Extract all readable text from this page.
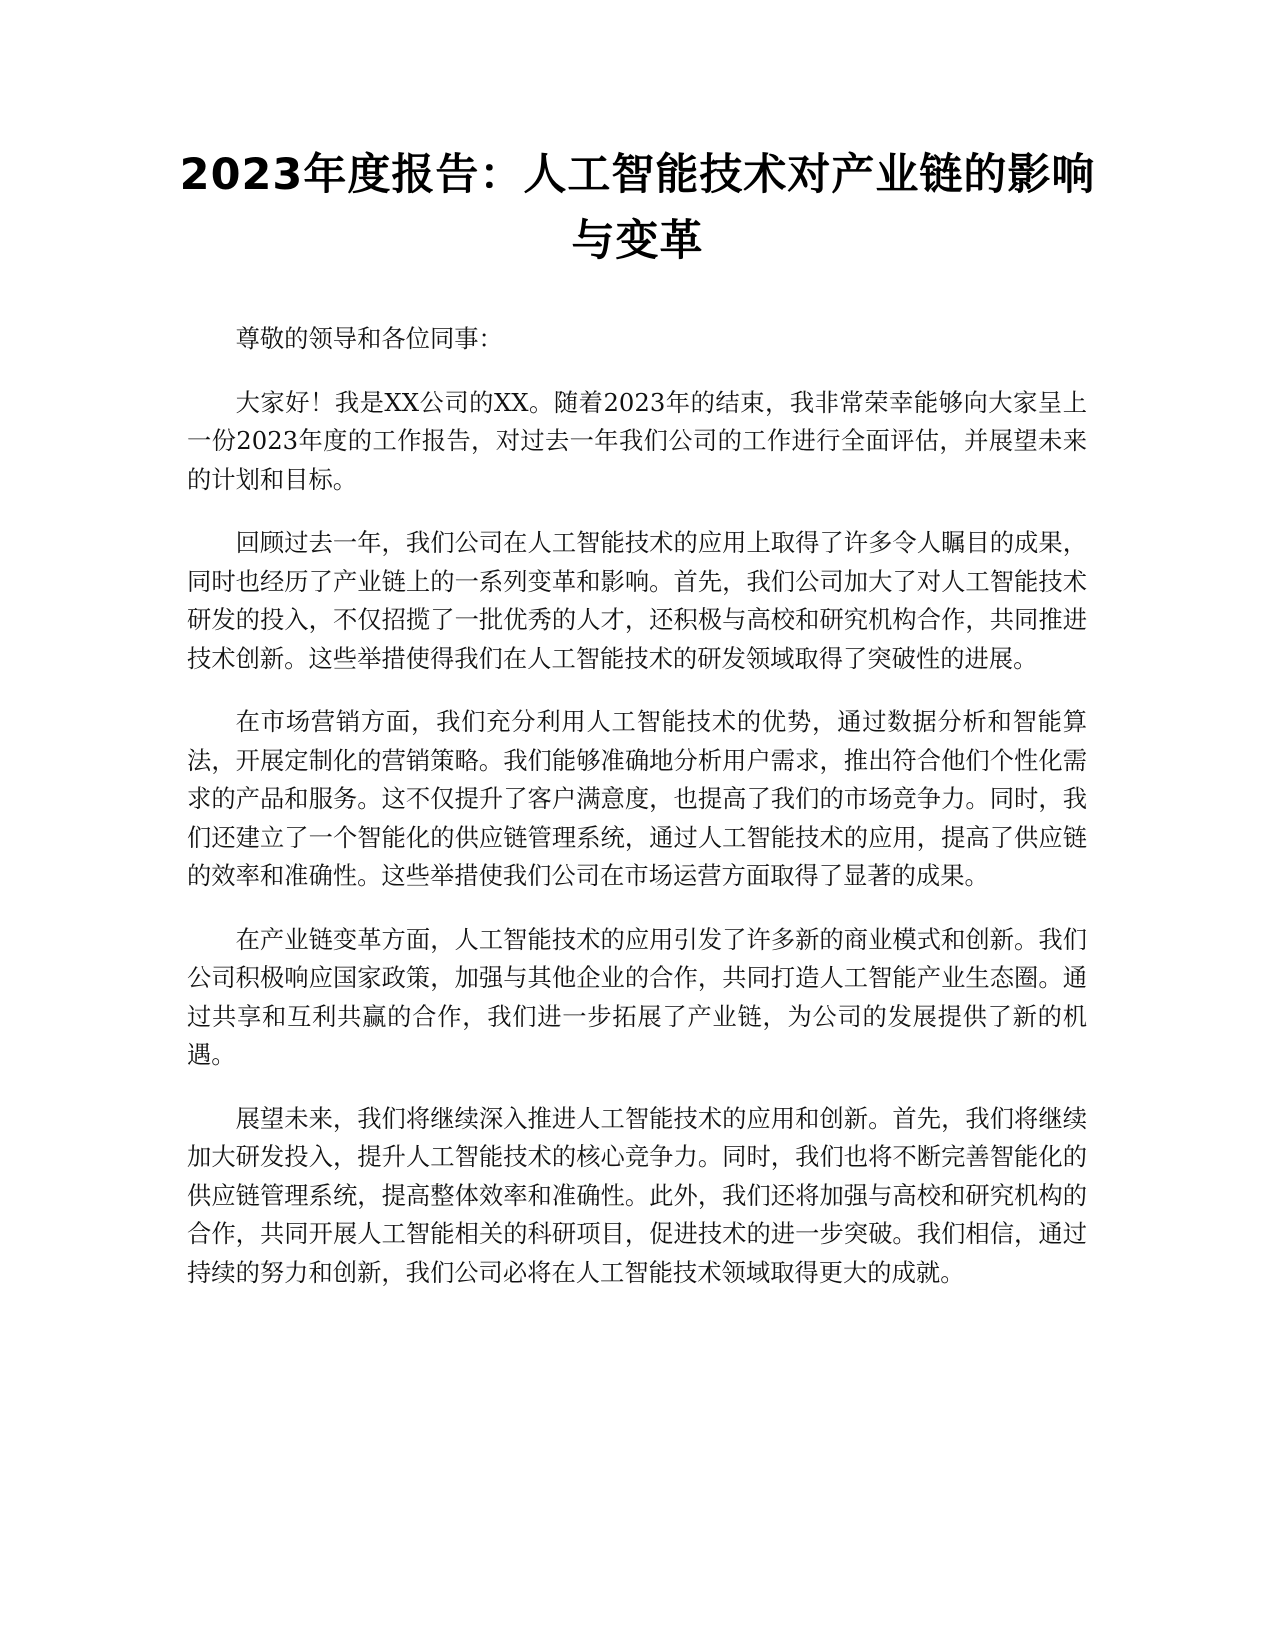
2023年度报告：人工智能技术对产业链的影响与变革

尊敬的领导和各位同事：

大家好！我是XX公司的XX。随着2023年的结束，我非常荣幸能够向大家呈上一份2023年度的工作报告，对过去一年我们公司的工作进行全面评估，并展望未来的计划和目标。

回顾过去一年，我们公司在人工智能技术的应用上取得了许多令人瞩目的成果，同时也经历了产业链上的一系列变革和影响。首先，我们公司加大了对人工智能技术研发的投入，不仅招揽了一批优秀的人才，还积极与高校和研究机构合作，共同推进技术创新。这些举措使得我们在人工智能技术的研发领域取得了突破性的进展。

在市场营销方面，我们充分利用人工智能技术的优势，通过数据分析和智能算法，开展定制化的营销策略。我们能够准确地分析用户需求，推出符合他们个性化需求的产品和服务。这不仅提升了客户满意度，也提高了我们的市场竞争力。同时，我们还建立了一个智能化的供应链管理系统，通过人工智能技术的应用，提高了供应链的效率和准确性。这些举措使我们公司在市场运营方面取得了显著的成果。

在产业链变革方面，人工智能技术的应用引发了许多新的商业模式和创新。我们公司积极响应国家政策，加强与其他企业的合作，共同打造人工智能产业生态圈。通过共享和互利共赢的合作，我们进一步拓展了产业链，为公司的发展提供了新的机遇。

展望未来，我们将继续深入推进人工智能技术的应用和创新。首先，我们将继续加大研发投入，提升人工智能技术的核心竞争力。同时，我们也将不断完善智能化的供应链管理系统，提高整体效率和准确性。此外，我们还将加强与高校和研究机构的合作，共同开展人工智能相关的科研项目，促进技术的进一步突破。我们相信，通过持续的努力和创新，我们公司必将在人工智能技术领域取得更大的成就。
